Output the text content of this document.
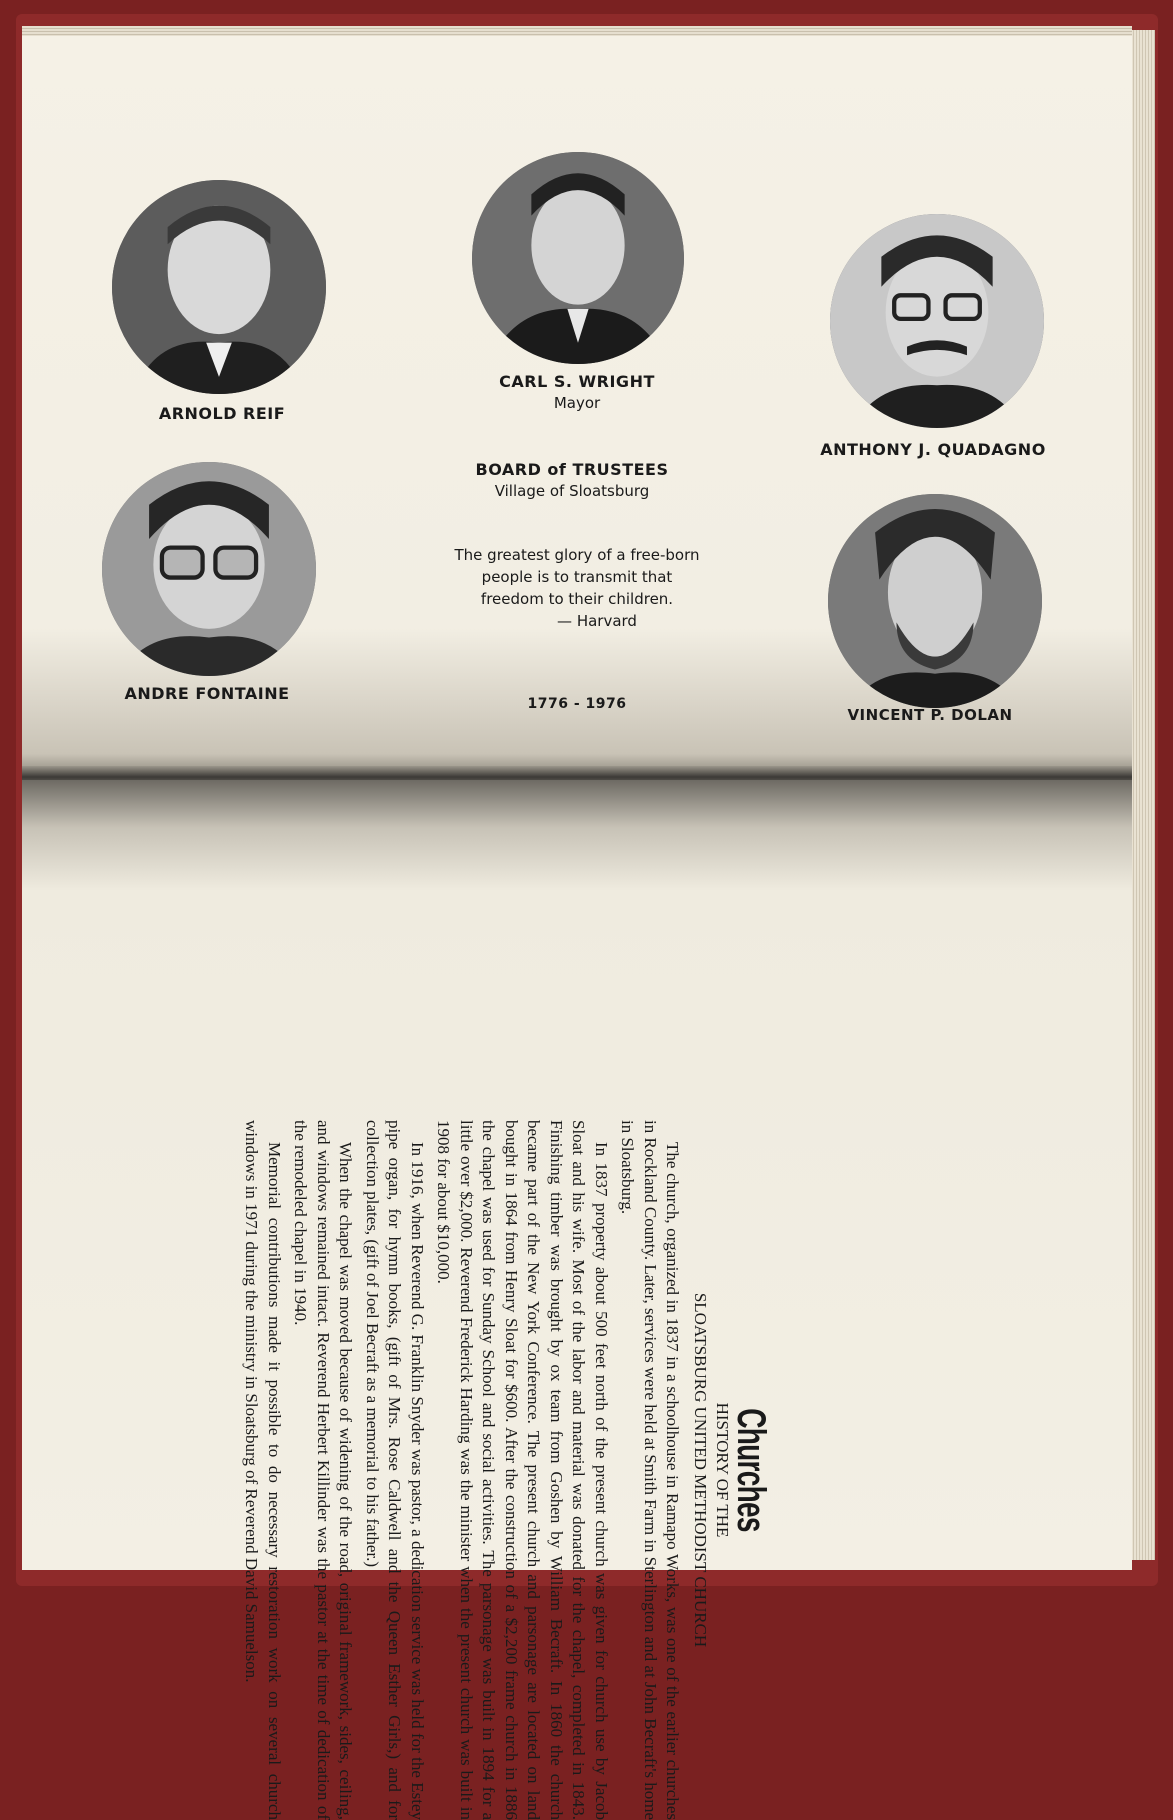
ARNOLD REIF
CARL S. WRIGHT
Mayor
ANTHONY J. QUADAGNO
BOARD of TRUSTEES
Village of Sloatsburg
ANDRE FONTAINE
The greatest glory of a free-born
people is to transmit that
freedom to their children.
— Harvard
1776 - 1976
VINCENT P. DOLAN
Churches
HISTORY OF THE
SLOATSBURG UNITED METHODIST CHURCH

The church, organized in 1837 in a schoolhouse in Ramapo Works, was one of the earlier churches in Rockland County. Later, services were held at Smith Farm in Sterlington and at John Becraft's home in Sloatsburg.

In 1837 property about 500 feet north of the present church was given for church use by Jacob Sloat and his wife. Most of the labor and material was donated for the chapel, completed in 1843. Finishing timber was brought by ox team from Goshen by William Becraft. In 1860 the church became part of the New York Conference. The present church and parsonage are located on land bought in 1864 from Henry Sloat for $600. After the construction of a $2,200 frame church in 1886 the chapel was used for Sunday School and social activities. The parsonage was built in 1894 for a little over $2,000. Reverend Frederick Harding was the minister when the present church was built in 1908 for about $10,000.

In 1916, when Reverend G. Franklin Snyder was pastor, a dedication service was held for the Estey pipe organ, for hymn books, (gift of Mrs. Rose Caldwell and the Queen Esther Girls,) and for collection plates, (gift of Joel Becraft as a memorial to his father.)

When the chapel was moved because of widening of the road, original framework, sides, ceiling, and windows remained intact. Reverend Herbert Killinder was the pastor at the time of dedication of the remodeled chapel in 1940.

Memorial contributions made it possible to do necessary restoration work on several church windows in 1971 during the ministry in Sloatsburg of Reverend David Samuelson.
